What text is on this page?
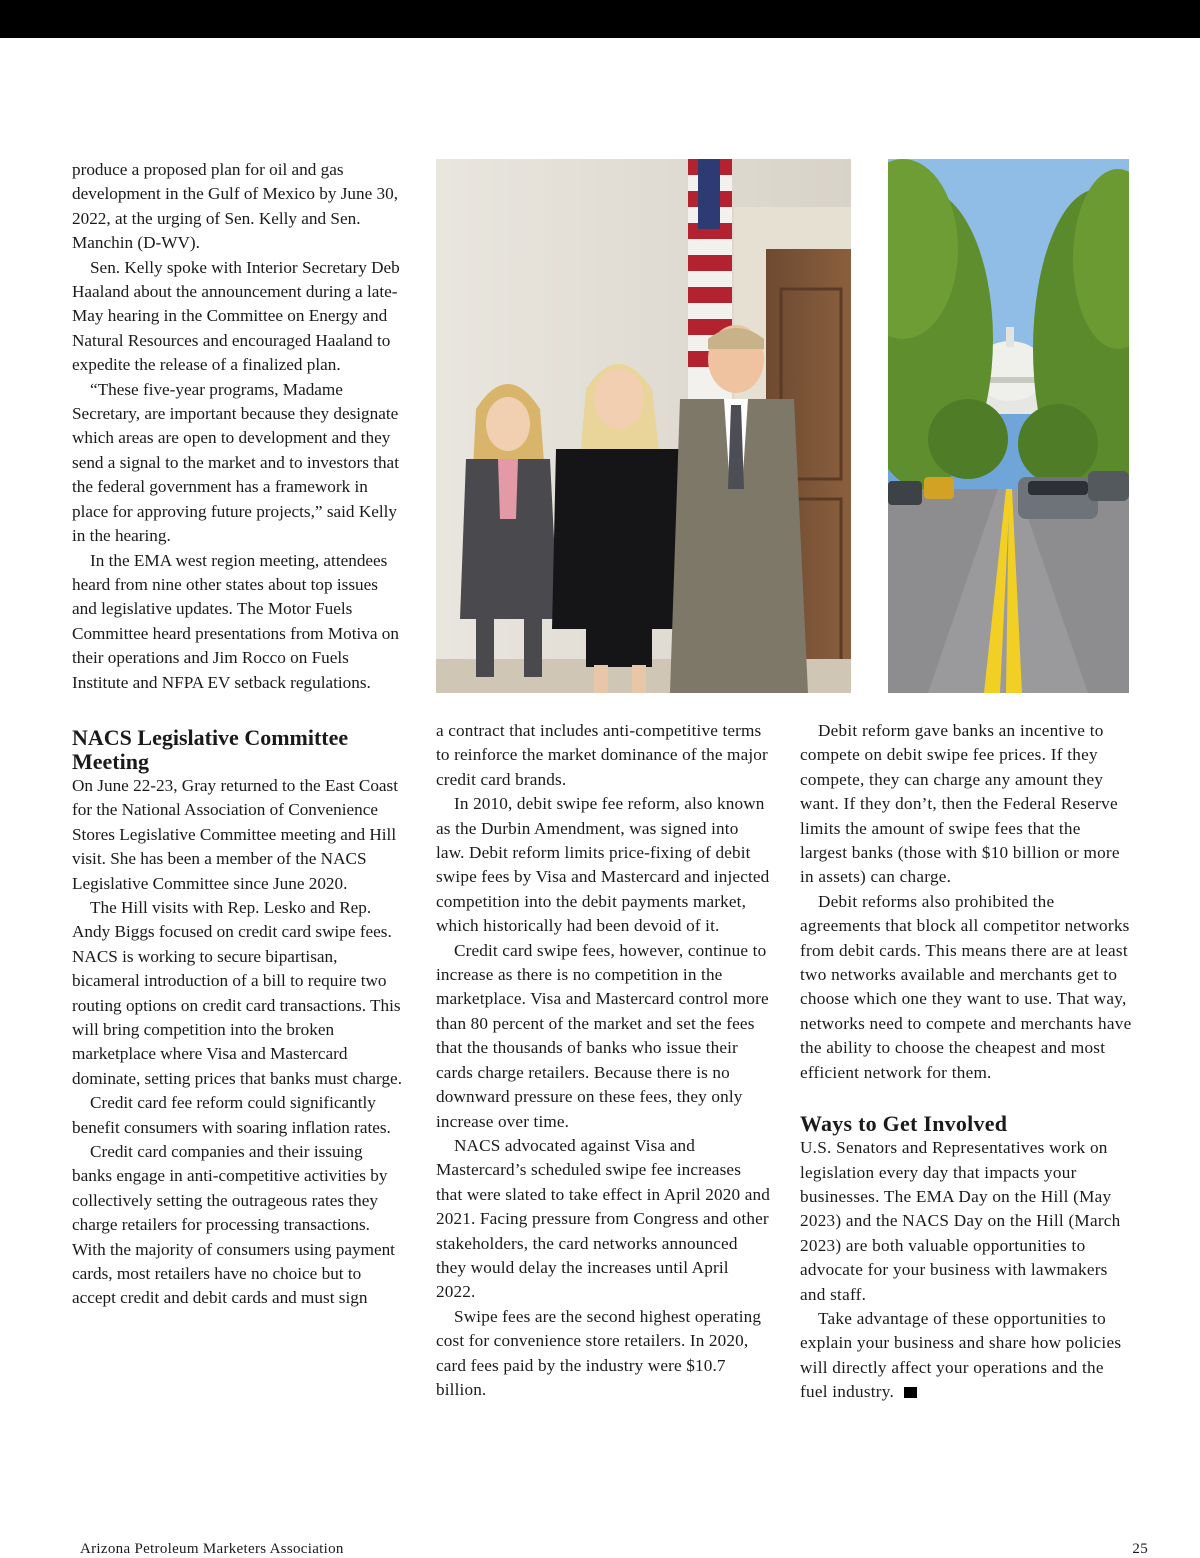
produce a proposed plan for oil and gas development in the Gulf of Mexico by June 30, 2022, at the urging of Sen. Kelly and Sen. Manchin (D-WV).

Sen. Kelly spoke with Interior Secretary Deb Haaland about the announcement during a late-May hearing in the Committee on Energy and Natural Resources and encouraged Haaland to expedite the release of a finalized plan.

“These five-year programs, Madame Secretary, are important because they designate which areas are open to development and they send a signal to the market and to investors that the federal government has a framework in place for approving future projects,” said Kelly in the hearing.

In the EMA west region meeting, attendees heard from nine other states about top issues and legislative updates. The Motor Fuels Committee heard presentations from Motiva on their operations and Jim Rocco on Fuels Institute and NFPA EV setback regulations.

NACS Legislative Committee Meeting

On June 22-23, Gray returned to the East Coast for the National Association of Convenience Stores Legislative Committee meeting and Hill visit. She has been a member of the NACS Legislative Committee since June 2020.

The Hill visits with Rep. Lesko and Rep. Andy Biggs focused on credit card swipe fees. NACS is working to secure bipartisan, bicameral introduction of a bill to require two routing options on credit card transactions. This will bring competition into the broken marketplace where Visa and Mastercard dominate, setting prices that banks must charge.

Credit card fee reform could significantly benefit consumers with soaring inflation rates.

Credit card companies and their issuing banks engage in anti-competitive activities by collectively setting the outrageous rates they charge retailers for processing transactions. With the majority of consumers using payment cards, most retailers have no choice but to accept credit and debit cards and must sign

a contract that includes anti-competitive terms to reinforce the market dominance of the major credit card brands.

In 2010, debit swipe fee reform, also known as the Durbin Amendment, was signed into law. Debit reform limits price-fixing of debit swipe fees by Visa and Mastercard and injected competition into the debit payments market, which historically had been devoid of it.

Credit card swipe fees, however, continue to increase as there is no competition in the marketplace. Visa and Mastercard control more than 80 percent of the market and set the fees that the thousands of banks who issue their cards charge retailers. Because there is no downward pressure on these fees, they only increase over time.

NACS advocated against Visa and Mastercard’s scheduled swipe fee increases that were slated to take effect in April 2020 and 2021. Facing pressure from Congress and other stakeholders, the card networks announced they would delay the increases until April 2022.

Swipe fees are the second highest operating cost for convenience store retailers. In 2020, card fees paid by the industry were $10.7 billion.

Debit reform gave banks an incentive to compete on debit swipe fee prices. If they compete, they can charge any amount they want. If they don’t, then the Federal Reserve limits the amount of swipe fees that the largest banks (those with $10 billion or more in assets) can charge.

Debit reforms also prohibited the agreements that block all competitor networks from debit cards. This means there are at least two networks available and merchants get to choose which one they want to use. That way, networks need to compete and merchants have the ability to choose the cheapest and most efficient network for them.

Ways to Get Involved

U.S. Senators and Representatives work on legislation every day that impacts your businesses. The EMA Day on the Hill (May 2023) and the NACS Day on the Hill (March 2023) are both valuable opportunities to advocate for your business with lawmakers and staff.

Take advantage of these opportunities to explain your business and share how policies will directly affect your operations and the fuel industry.

Arizona Petroleum Marketers Association	25
